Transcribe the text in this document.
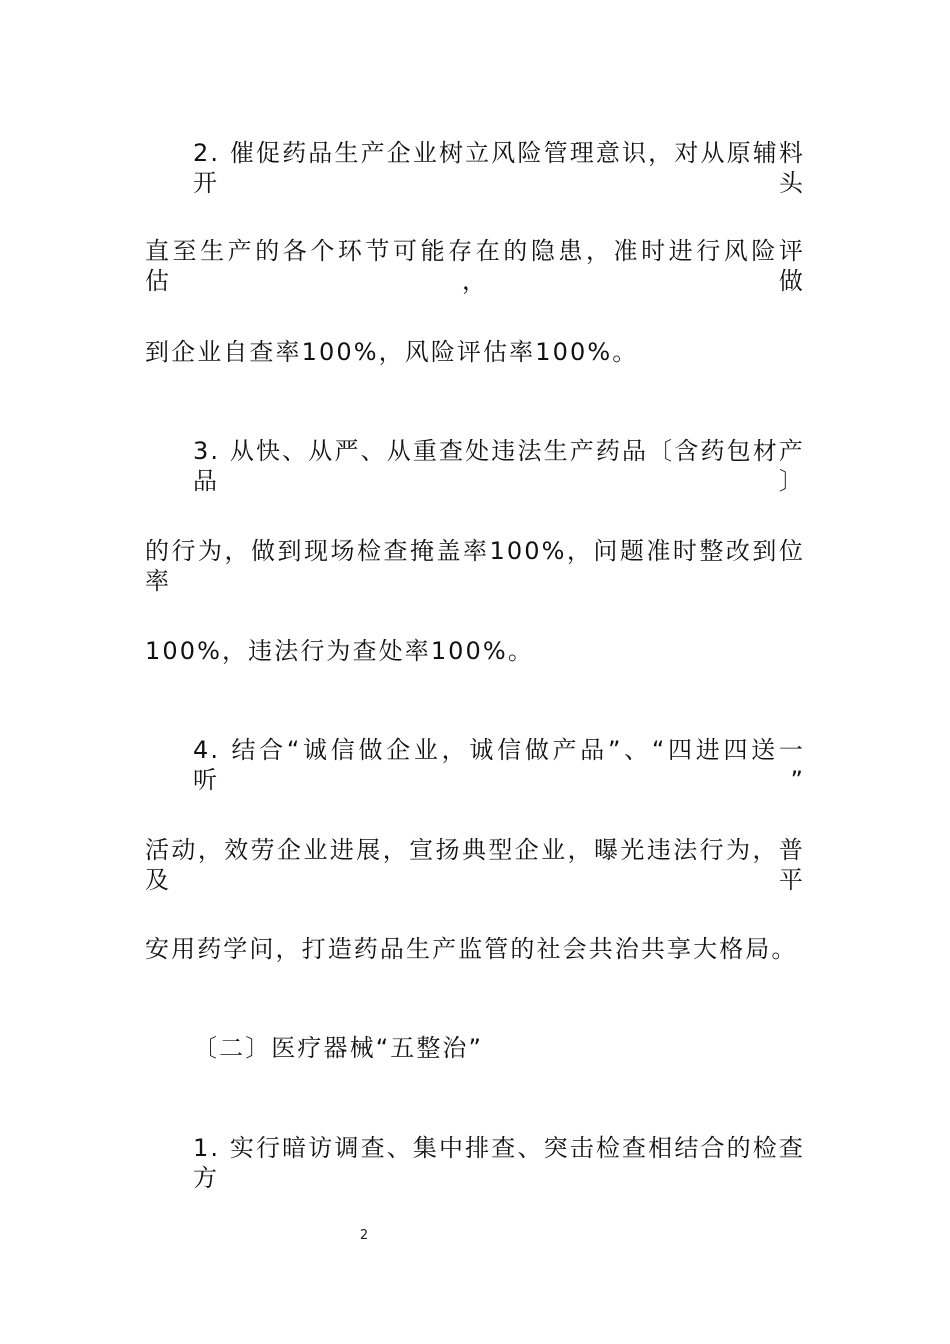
2. 催促药品生产企业树立风险管理意识，对从原辅料开头
直至生产的各个环节可能存在的隐患，准时进行风险评估，做
到企业自查率100%，风险评估率100%。
3. 从快、从严、从重查处违法生产药品〔含药包材产品〕
的行为，做到现场检查掩盖率100%，问题准时整改到位率
100%，违法行为查处率100%。
4. 结合“诚信做企业，诚信做产品”、“四进四送一听”
活动，效劳企业进展，宣扬典型企业，曝光违法行为，普及平
安用药学问，打造药品生产监管的社会共治共享大格局。
〔二〕医疗器械“五整治”
1. 实行暗访调查、集中排查、突击检查相结合的检查方
2
